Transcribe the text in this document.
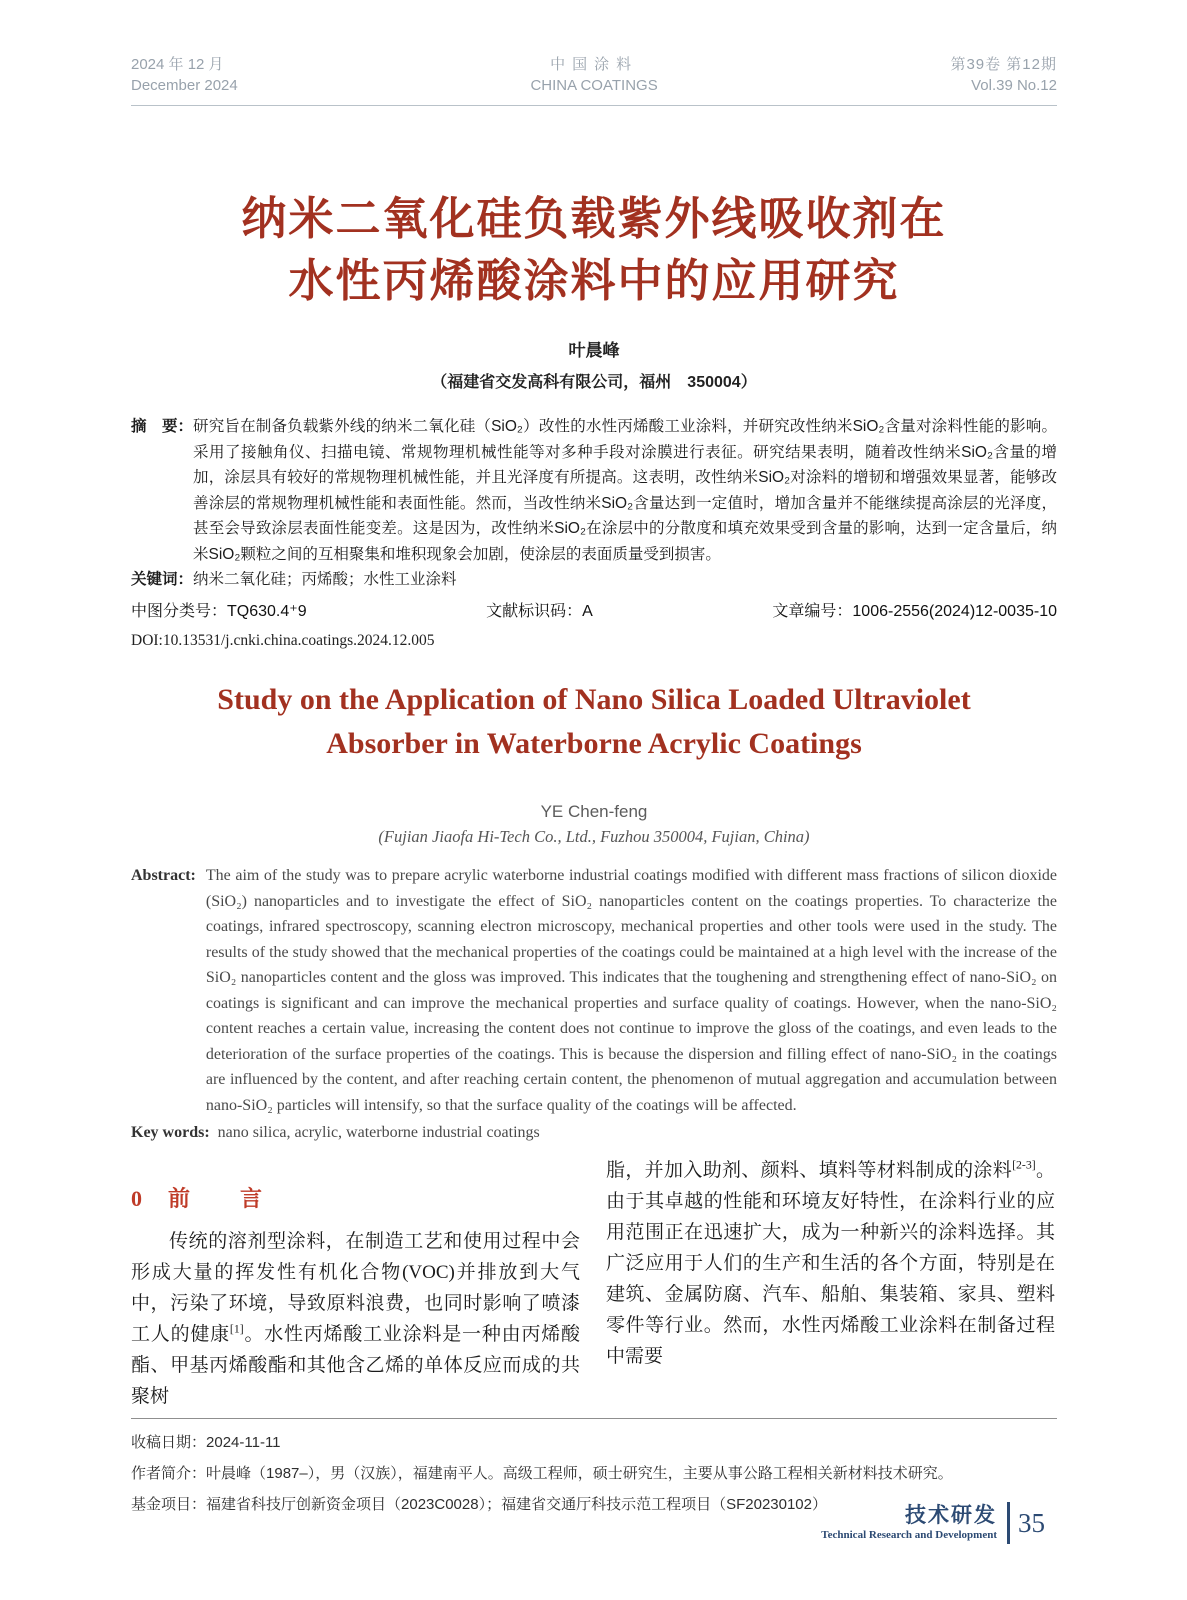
2024 年 12 月
December 2024
中国涂料
CHINA COATINGS
第39卷 第12期
Vol.39 No.12
纳米二氧化硅负载紫外线吸收剂在
水性丙烯酸涂料中的应用研究
叶晨峰
（福建省交发高科有限公司，福州　350004）
摘　要： 研究旨在制备负载紫外线的纳米二氧化硅（SiO₂）改性的水性丙烯酸工业涂料，并研究改性纳米SiO₂含量对涂料性能的影响。采用了接触角仪、扫描电镜、常规物理机械性能等对多种手段对涂膜进行表征。研究结果表明，随着改性纳米SiO₂含量的增加，涂层具有较好的常规物理机械性能，并且光泽度有所提高。这表明，改性纳米SiO₂对涂料的增韧和增强效果显著，能够改善涂层的常规物理机械性能和表面性能。然而，当改性纳米SiO₂含量达到一定值时，增加含量并不能继续提高涂层的光泽度，甚至会导致涂层表面性能变差。这是因为，改性纳米SiO₂在涂层中的分散度和填充效果受到含量的影响，达到一定含量后，纳米SiO₂颗粒之间的互相聚集和堆积现象会加剧，使涂层的表面质量受到损害。
关键词： 纳米二氧化硅；丙烯酸；水性工业涂料
中图分类号：TQ630.4⁺9	文献标识码：A	文章编号：1006-2556(2024)12-0035-10
DOI:10.13531/j.cnki.china.coatings.2024.12.005
Study on the Application of Nano Silica Loaded Ultraviolet
Absorber in Waterborne Acrylic Coatings
YE Chen-feng
(Fujian Jiaofa Hi-Tech Co., Ltd., Fuzhou 350004, Fujian, China)
Abstract: The aim of the study was to prepare acrylic waterborne industrial coatings modified with different mass fractions of silicon dioxide (SiO₂) nanoparticles and to investigate the effect of SiO₂ nanoparticles content on the coatings properties. To characterize the coatings, infrared spectroscopy, scanning electron microscopy, mechanical properties and other tools were used in the study. The results of the study showed that the mechanical properties of the coatings could be maintained at a high level with the increase of the SiO₂ nanoparticles content and the gloss was improved. This indicates that the toughening and strengthening effect of nano-SiO₂ on coatings is significant and can improve the mechanical properties and surface quality of coatings. However, when the nano-SiO₂ content reaches a certain value, increasing the content does not continue to improve the gloss of the coatings, and even leads to the deterioration of the surface properties of the coatings. This is because the dispersion and filling effect of nano-SiO₂ in the coatings are influenced by the content, and after reaching certain content, the phenomenon of mutual aggregation and accumulation between nano-SiO₂ particles will intensify, so that the surface quality of the coatings will be affected.
Key words: nano silica, acrylic, waterborne industrial coatings
0 前　言

传统的溶剂型涂料，在制造工艺和使用过程中会形成大量的挥发性有机化合物(VOC)并排放到大气中，污染了环境，导致原料浪费，也同时影响了喷漆工人的健康[1]。水性丙烯酸工业涂料是一种由丙烯酸酯、甲基丙烯酸酯和其他含乙烯的单体反应而成的共聚树

脂，并加入助剂、颜料、填料等材料制成的涂料[2-3]。由于其卓越的性能和环境友好特性，在涂料行业的应用范围正在迅速扩大，成为一种新兴的涂料选择。其广泛应用于人们的生产和生活的各个方面，特别是在建筑、金属防腐、汽车、船舶、集装箱、家具、塑料零件等行业。然而，水性丙烯酸工业涂料在制备过程中需要
收稿日期：2024-11-11
作者简介：叶晨峰（1987–），男（汉族），福建南平人。高级工程师，硕士研究生，主要从事公路工程相关新材料技术研究。
基金项目：福建省科技厅创新资金项目（2023C0028）；福建省交通厅科技示范工程项目（SF20230102）	技术研发
Technical Research and Development 35
